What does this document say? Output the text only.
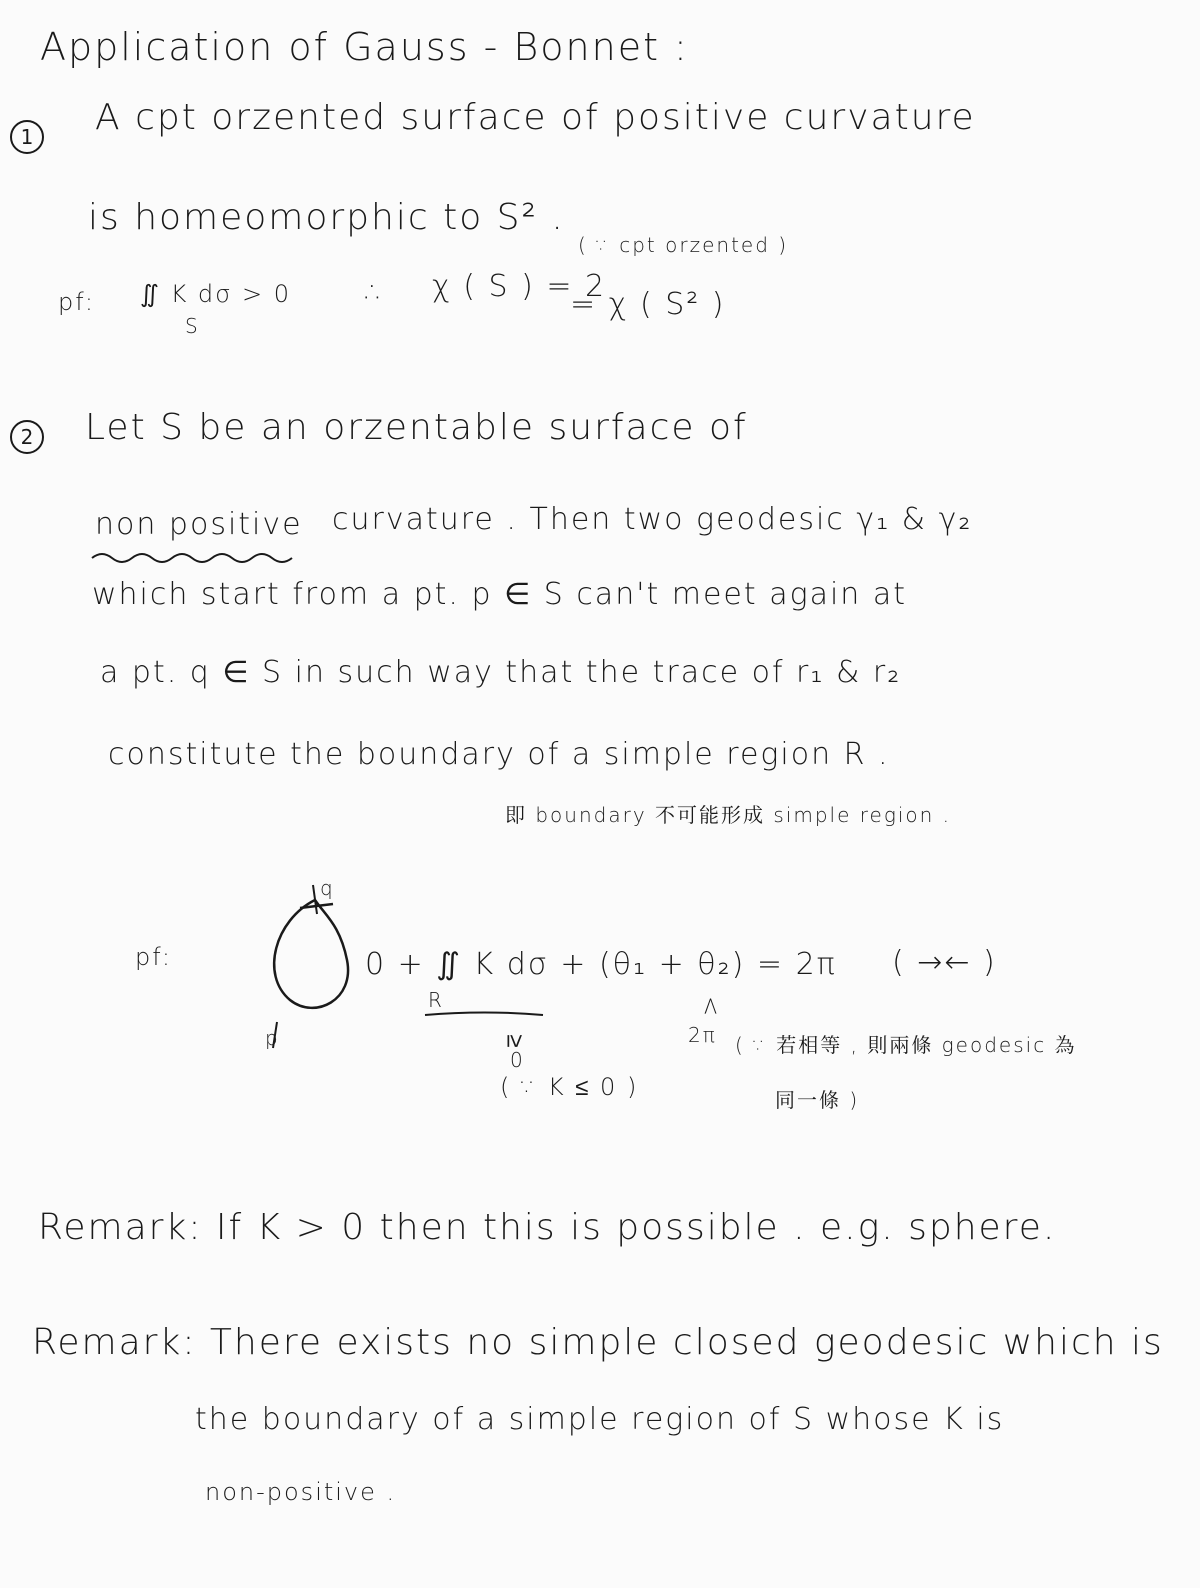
Application of Gauss - Bonnet :
1 A cpt orzented surface of positive curvature
is homeomorphic to S² .
pf: ∬ K dσ > 0
S
∴ χ ( S ) = 2
( ∵ cpt orzented )
= χ ( S² )
2 Let S be an orzentable surface of
non positive curvature . Then two geodesic γ₁ & γ₂
which start from a pt. p ∈ S can't meet again at
a pt. q ∈ S in such way that the trace of r₁ & r₂
constitute the boundary of a simple region R .
即 boundary 不可能形成 simple region .
pf:
q
p
0 + ∬ K dσ + (θ₁ + θ₂) = 2π ( →← )
R
≥
0
( ∵ K ≤ 0 )
<
2π ( ∵ 若相等 , 則兩條 geodesic 為
同一條 )
Remark: If K > 0 then this is possible . e.g. sphere.
Remark: There exists no simple closed geodesic which is
the boundary of a simple region of S whose K is
non-positive .
